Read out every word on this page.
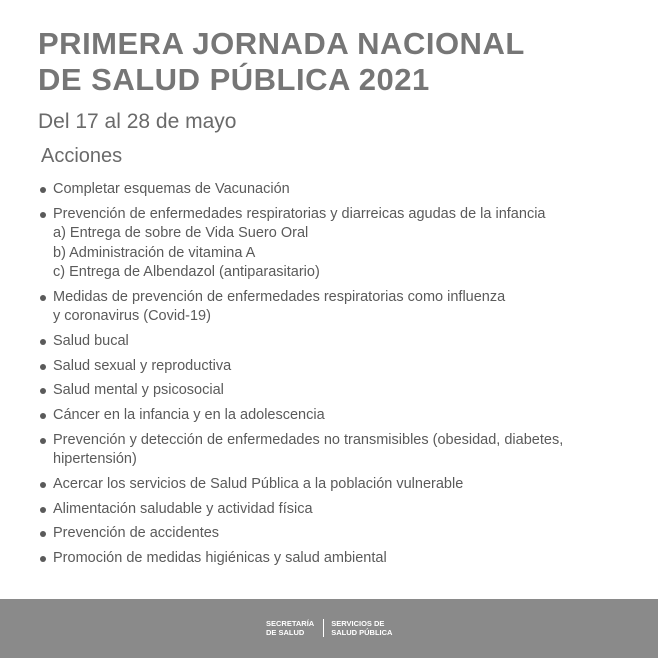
PRIMERA JORNADA NACIONAL
DE SALUD PÚBLICA 2021
Del 17 al 28 de mayo
Acciones
Completar esquemas de Vacunación
Prevención de enfermedades respiratorias y diarreicas agudas de la infancia
a) Entrega de sobre de Vida Suero Oral
b) Administración de vitamina A
c) Entrega de Albendazol (antiparasitario)
Medidas de prevención de enfermedades respiratorias como influenza
y coronavirus (Covid-19)
Salud bucal
Salud sexual y reproductiva
Salud mental y psicosocial
Cáncer en la infancia y en la adolescencia
Prevención y detección de enfermedades no transmisibles (obesidad, diabetes,
hipertensión)
Acercar los servicios de Salud Pública a la población vulnerable
Alimentación saludable y actividad física
Prevención de accidentes
Promoción de medidas higiénicas y salud ambiental
SECRETARÍA
DE SALUD
SERVICIOS DE
SALUD PÚBLICA
